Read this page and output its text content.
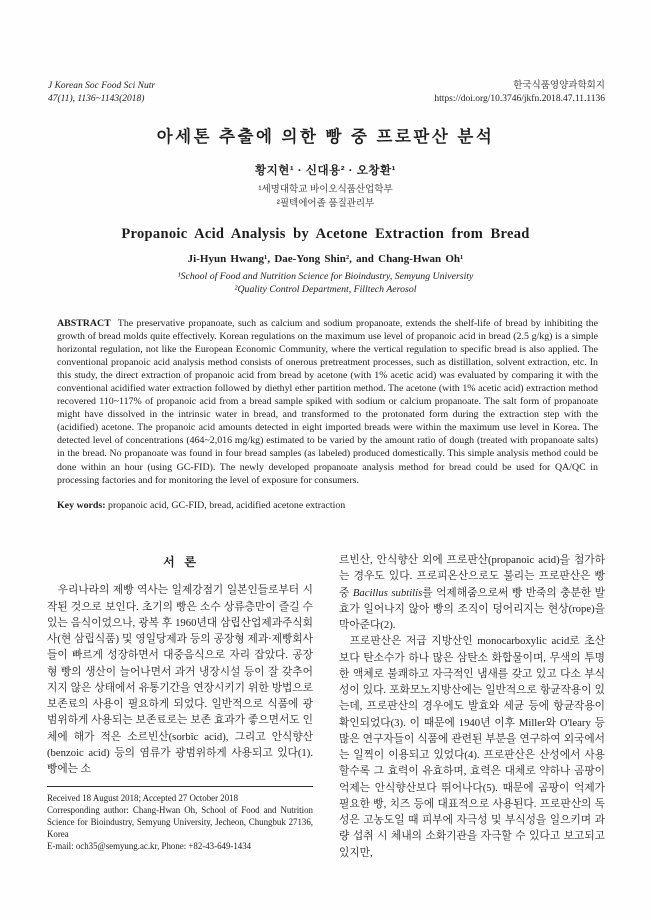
J Korean Soc Food Sci Nutr
47(11), 1136~1143(2018)
한국식품영양과학회지
https://doi.org/10.3746/jkfn.2018.47.11.1136
아세톤 추출에 의한 빵 중 프로판산 분석
황지현¹ · 신대용² · 오창환¹
¹세명대학교 바이오식품산업학부
²필텍에어졸 품질관리부
Propanoic Acid Analysis by Acetone Extraction from Bread
Ji-Hyun Hwang¹, Dae-Yong Shin², and Chang-Hwan Oh¹
¹School of Food and Nutrition Science for Bioindustry, Semyung University
²Quality Control Department, Filltech Aerosol
ABSTRACT The preservative propanoate, such as calcium and sodium propanoate, extends the shelf-life of bread by inhibiting the growth of bread molds quite effectively. Korean regulations on the maximum use level of propanoic acid in bread (2.5 g/kg) is a simple horizontal regulation, not like the European Economic Community, where the vertical regulation to specific bread is also applied. The conventional propanoic acid analysis method consists of onerous pretreatment processes, such as distillation, solvent extraction, etc. In this study, the direct extraction of propanoic acid from bread by acetone (with 1% acetic acid) was evaluated by comparing it with the conventional acidified water extraction followed by diethyl ether partition method. The acetone (with 1% acetic acid) extraction method recovered 110~117% of propanoic acid from a bread sample spiked with sodium or calcium propanoate. The salt form of propanoate might have dissolved in the intrinsic water in bread, and transformed to the protonated form during the extraction step with the (acidified) acetone. The propanoic acid amounts detected in eight imported breads were within the maximum use level in Korea. The detected level of concentrations (464~2,016 mg/kg) estimated to be varied by the amount ratio of dough (treated with propanoate salts) in the bread. No propanoate was found in four bread samples (as labeled) produced domestically. This simple analysis method could be done within an hour (using GC-FID). The newly developed propanoate analysis method for bread could be used for QA/QC in processing factories and for monitoring the level of exposure for consumers.
Key words: propanoic acid, GC-FID, bread, acidified acetone extraction
서  론

우리나라의 제빵 역사는 일제강점기 일본인들로부터 시작된 것으로 보인다. 초기의 빵은 소수 상류층만이 즐길 수 있는 음식이었으나, 광복 후 1960년대 삼립산업제과주식회사(현 삼립식품) 및 영일당제과 등의 공장형 제과·제빵회사들이 빠르게 성장하면서 대중음식으로 자리 잡았다. 공장형 빵의 생산이 늘어나면서 과거 냉장시설 등이 잘 갖추어지지 않은 상태에서 유통기간을 연장시키기 위한 방법으로 보존료의 사용이 필요하게 되었다. 일반적으로 식품에 광범위하게 사용되는 보존료로는 보존 효과가 좋으면서도 인체에 해가 적은 소르빈산(sorbic acid), 그리고 안식향산(benzoic acid) 등의 염류가 광범위하게 사용되고 있다(1). 빵에는 소

Received 18 August 2018; Accepted 27 October 2018
Corresponding author: Chang-Hwan Oh, School of Food and Nutrition Science for Bioindustry, Semyung University, Jecheon, Chungbuk 27136, Korea
E-mail: och35@semyung.ac.kr, Phone: +82-43-649-1434

르빈산, 안식향산 외에 프로판산(propanoic acid)을 첨가하는 경우도 있다. 프로피온산으로도 불리는 프로판산은 빵 중 Bacillus subtilis를 억제해줌으로써 빵 반죽의 충분한 발효가 일어나지 않아 빵의 조직이 덩어리지는 현상(rope)을 막아준다(2).

프로판산은 저급 지방산인 monocarboxylic acid로 초산보다 탄소수가 하나 많은 삼탄소 화합물이며, 무색의 투명한 액체로 불쾌하고 자극적인 냄새를 갖고 있고 다소 부식성이 있다. 포화모노지방산에는 일반적으로 항균작용이 있는데, 프로판산의 경우에도 발효와 세균 등에 항균작용이 확인되었다(3). 이 때문에 1940년 이후 Miller와 O'leary 등 많은 연구자들이 식품에 관련된 부분을 연구하여 외국에서는 일찍이 이용되고 있었다(4). 프로판산은 산성에서 사용할수록 그 효력이 유효하며, 효력은 대체로 약하나 곰팡이 억제는 안식향산보다 뛰어나다(5). 때문에 곰팡이 억제가 필요한 빵, 치즈 등에 대표적으로 사용된다. 프로판산의 독성은 고농도일 때 피부에 자극성 및 부식성을 일으키며 과량 섭취 시 체내의 소화기관을 자극할 수 있다고 보고되고 있지만,
